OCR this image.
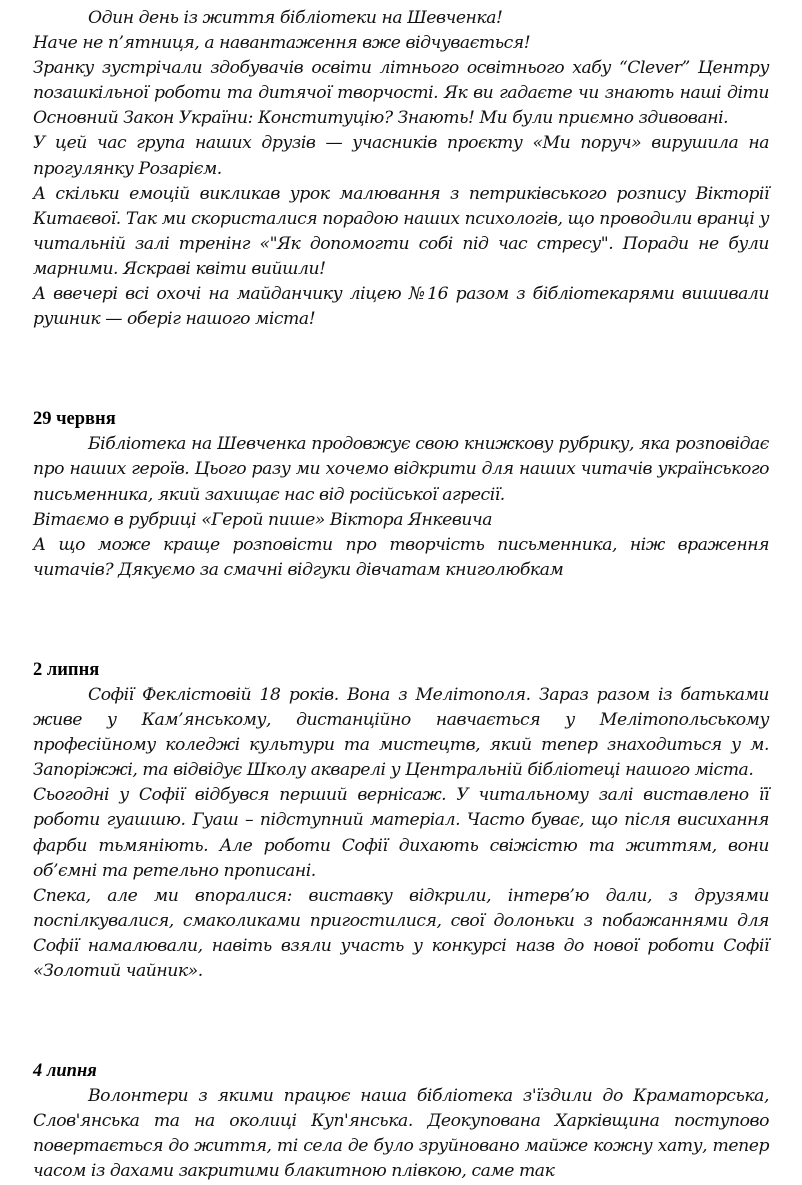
Один день із життя бібліотеки на Шевченка!

Наче не п’ятниця, а навантаження вже відчувається!

Зранку зустрічали здобувачів освіти літнього освітнього хабу “Clever” Центру позашкільної роботи та дитячої творчості. Як ви гадаєте чи знають наші діти Основний Закон України: Конституцію? Знають! Ми були приємно здивовані.

У цей час група наших друзів — учасників проєкту «Ми поруч» вирушила на прогулянку Розарієм.

А скільки емоцій викликав урок малювання з петриківського розпису Вікторії Китаєвої. Так ми скористалися порадою наших психологів, що проводили вранці у читальній залі тренінг «"Як допомогти собі під час стресу". Поради не були марними. Яскраві квіти вийшли!

А ввечері всі охочі на майданчику ліцею №16 разом з бібліотекарями вишивали рушник — оберіг нашого міста!

29 червня

Бібліотека на Шевченка продовжує свою книжкову рубрику, яка розповідає про наших героїв. Цього разу ми хочемо відкрити для наших читачів українського письменника, який захищає нас від російської агресії.

Вітаємо в рубриці «Герой пише» Віктора Янкевича

А що може краще розповісти про творчість письменника, ніж враження читачів? Дякуємо за смачні відгуки дівчатам книголюбкам

2 липня

Софії Феклістовій 18 років. Вона з Мелітополя. Зараз разом із батьками живе у Кам’янському, дистанційно навчається у Мелітопольському професійному коледжі культури та мистецтв, який тепер знаходиться у м. Запоріжжі, та відвідує Школу акварелі у Центральній бібліотеці нашого міста.

Сьогодні у Софії відбувся перший вернісаж. У читальному залі виставлено її роботи гуашшю. Гуаш – підступний матеріал. Часто буває, що після висихання фарби тьмяніють. Але роботи Софії дихають свіжістю та життям, вони об’ємні та ретельно прописані.

Спека, але ми впоралися: виставку відкрили, інтерв’ю дали, з друзями поспілкувалися, смаколиками пригостилися, свої долоньки з побажаннями для Софії намалювали, навіть взяли участь у конкурсі назв до нової роботи Софії «Золотий чайник».

4 липня

Волонтери з якими працює наша бібліотека з'їздили до Краматорська, Слов'янська та на околиці Куп'янська. Деокупована Харківщина поступово повертається до життя, ті села де було зруйновано майже кожну хату, тепер часом із дахами закритими блакитною плівкою, саме так
